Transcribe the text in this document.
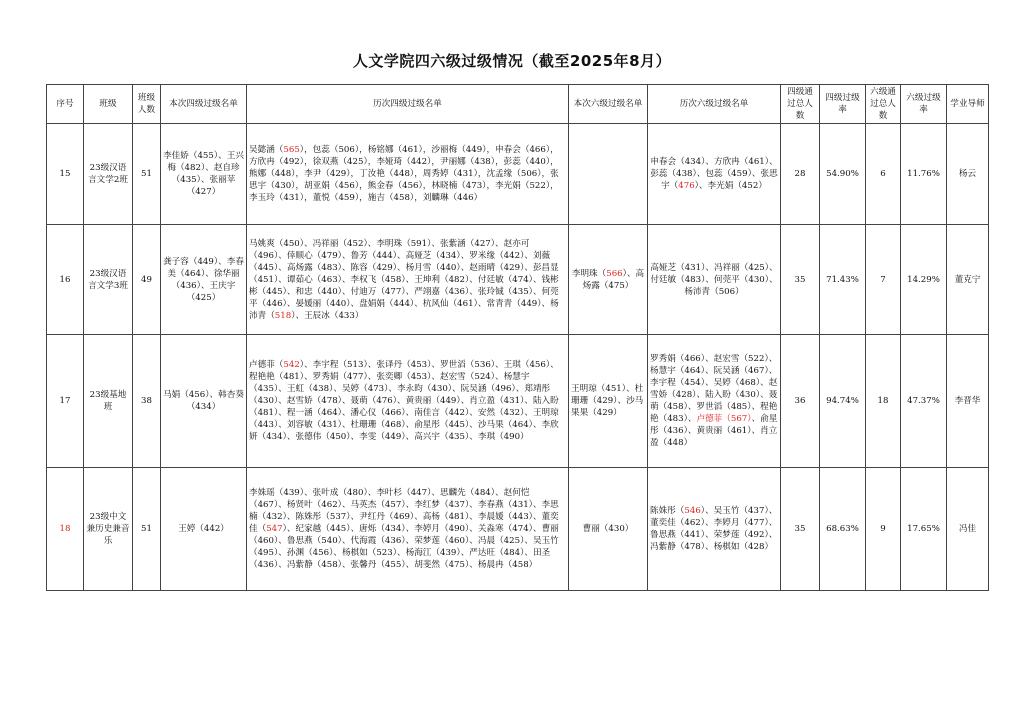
人文学院四六级过级情况（截至2025年8月）
序号	班级	班级人数	本次四级过级名单	历次四级过级名单	本次六级过级名单	历次六级过级名单	四级通过总人数	四级过级率	六级通过总人数	六级过级率	学业导师
15	23级汉语言文学2班	51	李佳娇（455）、王兴梅（482）、赵自珍（435）、张丽苹（427）	吴懿涵（565），包蕊（506），杨铭娜（461），沙丽梅（449），申春会（466），方欣冉（492），徐双燕（425），李娅琦（442），尹丽娜（438），彭蕊（440），熊娜（448），李尹（429），丁汝艳（448），周秀婷（431），沈孟缘（506），张思宇（430），胡亚娟（456），熊金春（456），林晓楠（473），李光娟（522），李玉玲（431），董悦（459），施吉（458），刘麟琳（446）		申春会（434）、方欣冉（461）、彭蕊（438）、包蕊（459）、张思宇（476）、李光娟（452）	28	54.90%	6	11.76%	杨云
16	23级汉语言文学3班	49	龚子容（449）、李春美（464）、徐华丽（436）、王庆宇（425）	马姚爽（450）、冯祥丽（452）、李明珠（591）、张紫涵（427）、赵亦可（496）、倖顺心（479）、鲁芳（444）、高娅芝（434）、罗米缘（442）、刘薇（445）、高炀露（483）、陈容（429）、杨月雪（440）、赵雨晴（429）、彭昌显（451）、谭茹心（463）、李权飞（458）、王坤利（482）、付廷敏（474）、钱彬彬（445）、和忠（440）、付迪万（477）、严翊嘉（436）、张玲铖（435）、何莞平（446）、晏媛丽（440）、盘娟娟（444）、杭风仙（461）、常青青（449）、杨沛青（518）、王辰冰（433）	李明珠（566）、高炀露（475）	高娅芝（431）、冯祥丽（425）、付廷敏（483）、何莞平（430）、杨沛青（506）	35	71.43%	7	14.29%	董克宁
17	23级基地班	38	马娟（456）、韩杏葵（434）	卢德菲（542）、李宇程（513）、张译丹（453）、罗世滔（536）、王琪（456）、程艳艳（481）、罗秀娟（477）、张奕卿（453）、赵宏雪（524）、杨慧宇（435）、王虹（438）、吴婷（473）、李永昀（430）、阮吴涵（496）、郑靖彤（430）、赵雪娇（478）、聂萌（476）、黄贵丽（449）、肖立盈（431）、陆入盼（481）、程一涵（464）、潘心仪（466）、南佳言（442）、安然（432）、王明琼（443）、刘容敏（431）、杜珊珊（468）、俞星彤（445）、沙马果（464）、李欣妍（434）、张德伟（450）、李雯（449）、高兴宇（435）、李琪（490）	王明琼（451）、杜珊珊（429）、沙马果果（429）	罗秀娟（466）、赵宏雪（522）、杨慧宇（464）、阮吴涵（467）、李宇程（454）、吴婷（468）、赵雪娇（428）、陆入盼（430）、聂萌（458）、罗世滔（485）、程艳艳（483）、卢德菲（567）、俞星彤（436）、黄贵丽（461）、肖立盈（448）	36	94.74%	18	47.37%	李晋华
18	23级中文兼历史兼音乐	51	王婷（442）	李姝瑶（439）、张叶成（480）、李叶杉（447）、思麟先（484）、赵何恺（467）、杨贤叶（462）、马英杰（457）、李红梦（437）、李春燕（431）、李思楠（432）、陈姝彤（537）、尹红丹（469）、高杨（481）、李晨媛（443）、董奕佳（547）、纪家越（445）、唐烁（434）、李婷月（490）、关淼寒（474）、曹丽（460）、鲁思燕（540）、代海霞（436）、荣梦莲（460）、冯晨（425）、吴玉竹（495）、孙渊（456）、杨棋如（523）、杨海江（439）、严达旺（484）、田圣（436）、冯紫静（458）、张馨丹（455）、胡斐然（475）、杨晨冉（458）	曹丽（430）	陈姝彤（546）、吴玉竹（437）、董奕佳（462）、李婷月（477）、鲁思燕（441）、荣梦莲（492）、冯紫静（478）、杨棋如（428）	35	68.63%	9	17.65%	冯佳
